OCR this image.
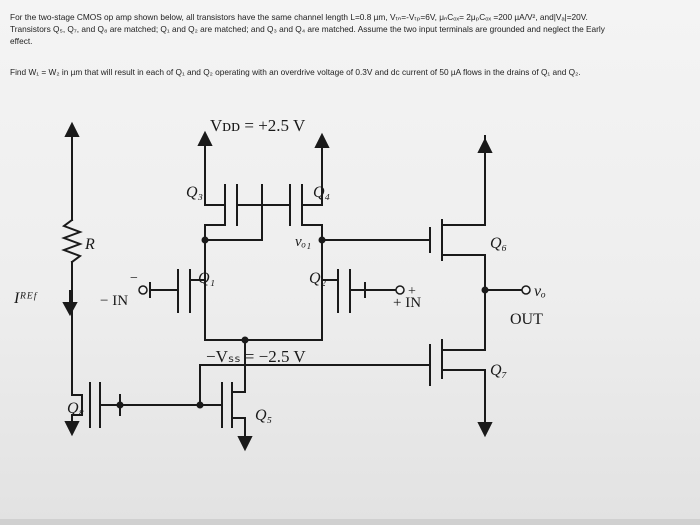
For the two-stage CMOS op amp shown below, all transistors have the same channel length L=0.8 µm, Vₜₙ=-Vₜₚ=6V, μₙCₒₓ= 2μₚCₒₓ =200 µA/V², and|Vₐ|=20V.
Transistors Q₅, Q₇, and Q₈ are matched; Q₁ and Q₂ are matched; and Q₃ and Q₄ are matched. Assume the two input terminals are grounded and neglect the Early
effect.
Find W₁ = W₂ in µm that will result in each of Q₁ and Q₂ operating with an overdrive voltage of 0.3V and dc current of 50 µA flows in the drains of Q₁ and Q₂.
Vᴅᴅ = +2.5 V
−Vₛₛ = −2.5 V
Q₃	Q₄
Q₁	Q₂
Q₅
Q₆
Q₇
Q₈
R
Iᴿᴱᶠ	− IN
−
+ IN
+
vₒ₁
vₒ
OUT
